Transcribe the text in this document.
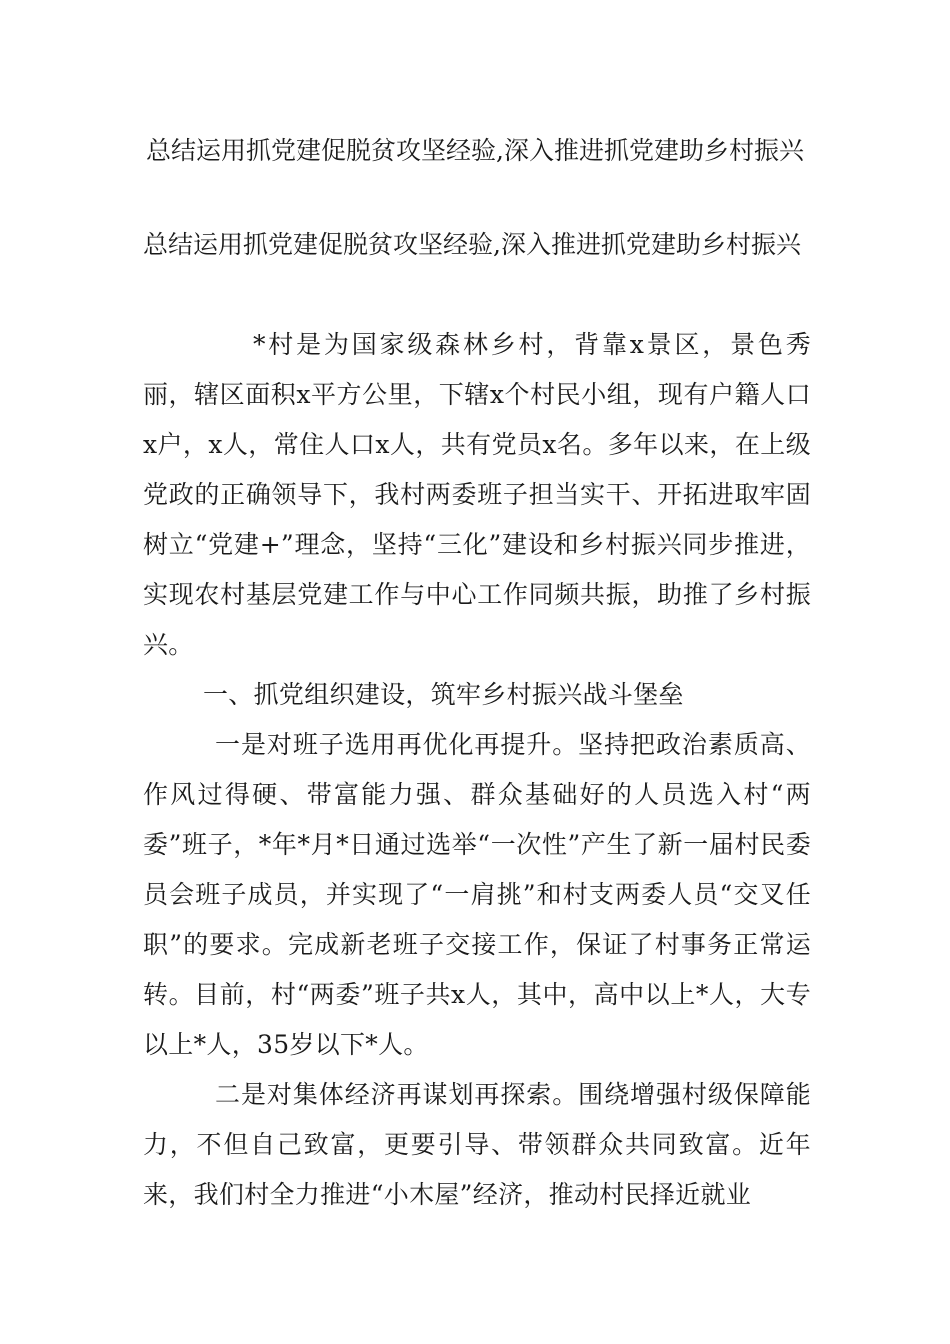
总结运用抓党建促脱贫攻坚经验,深入推进抓党建助乡村振兴
总结运用抓党建促脱贫攻坚经验,深入推进抓党建助乡村振兴

*村是为国家级森林乡村，背靠x景区，景色秀丽，辖区面积x平方公里，下辖x个村民小组，现有户籍人口x户，x人，常住人口x人，共有党员x名。多年以来，在上级党政的正确领导下，我村两委班子担当实干、开拓进取牢固树立“党建+”理念，坚持“三化”建设和乡村振兴同步推进，实现农村基层党建工作与中心工作同频共振，助推了乡村振兴。

一、抓党组织建设，筑牢乡村振兴战斗堡垒

一是对班子选用再优化再提升。坚持把政治素质高、作风过得硬、带富能力强、群众基础好的人员选入村“两委”班子，*年*月*日通过选举“一次性”产生了新一届村民委员会班子成员，并实现了“一肩挑”和村支两委人员“交叉任职”的要求。完成新老班子交接工作，保证了村事务正常运转。目前，村“两委”班子共x人，其中，高中以上*人，大专以上*人，35岁以下*人。

二是对集体经济再谋划再探索。围绕增强村级保障能力，不但自己致富，更要引导、带领群众共同致富。近年来，我们村全力推进“小木屋”经济，推动村民择近就业
